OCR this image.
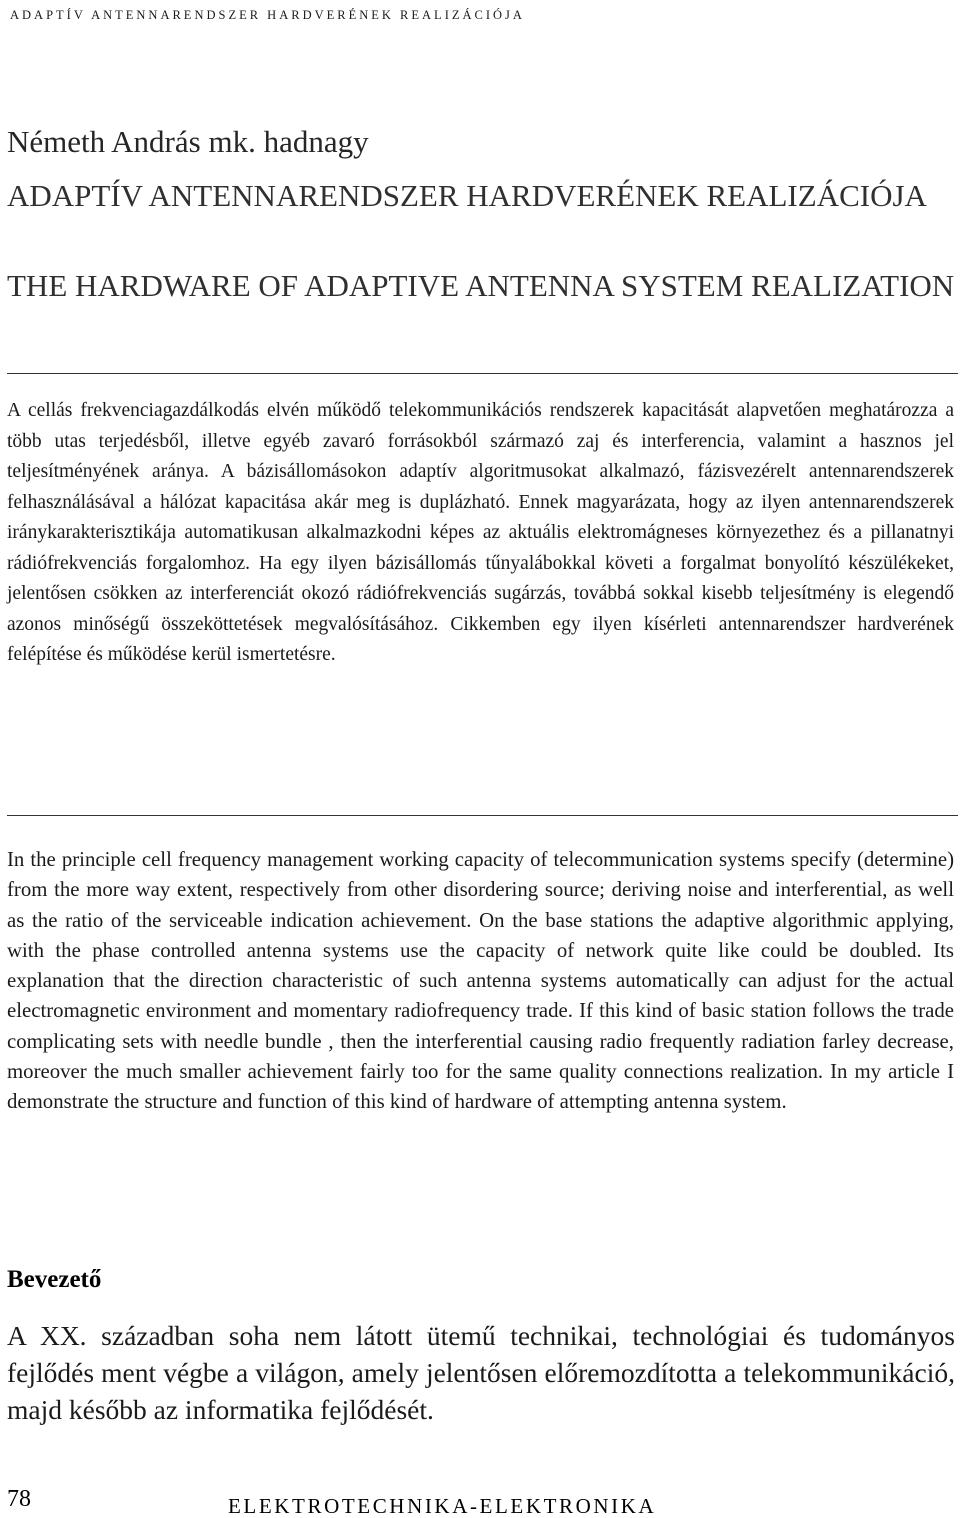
ADAPTÍV ANTENNARENDSZER HARDVERÉNEK REALIZÁCIÓJA
Németh András mk. hadnagy
ADAPTÍV ANTENNARENDSZER HARDVERÉNEK REALIZÁCIÓJA
THE HARDWARE OF ADAPTIVE ANTENNA SYSTEM REALIZATION

A cellás frekvenciagazdálkodás elvén működő telekommunikációs rendszerek kapacitását alapvetően meghatározza a több utas terjedésből, illetve egyéb zavaró forrásokból származó zaj és interferencia, valamint a hasznos jel teljesítményének aránya. A bázisállomásokon adaptív algoritmusokat alkalmazó, fázisvezérelt antennarendszerek felhasználásával a hálózat kapacitása akár meg is duplázható. Ennek magyarázata, hogy az ilyen antennarendszerek iránykarakterisztikája automatikusan alkalmazkodni képes az aktuális elektromágneses környezethez és a pillanatnyi rádiófrekvenciás forgalomhoz. Ha egy ilyen bázisállomás tűnyalábokkal követi a forgalmat bonyolító készülékeket, jelentősen csökken az interferenciát okozó rádiófrekvenciás sugárzás, továbbá sokkal kisebb teljesítmény is elegendő azonos minőségű összeköttetések megvalósításához. Cikkemben egy ilyen kísérleti antennarendszer hardverének felépítése és működése kerül ismertetésre.

In the principle cell frequency management working capacity of telecommunication systems specify (determine) from the more way extent, respectively from other disordering source; deriving noise and interferential, as well as the ratio of the serviceable indication achievement. On the base stations the adaptive algorithmic applying, with the phase controlled antenna systems use the capacity of network quite like could be doubled. Its explanation that the direction characteristic of such antenna systems automatically can adjust for the actual electromagnetic environment and momentary radiofrequency trade. If this kind of basic station follows the trade complicating sets with needle bundle , then the interferential causing radio frequently radiation farley decrease, moreover the much smaller achievement fairly too for the same quality connections realization. In my article I demonstrate the structure and function of this kind of hardware of attempting antenna system.

Bevezető

A XX. században soha nem látott ütemű technikai, technológiai és tudományos fejlődés ment végbe a világon, amely jelentősen előremozdította a telekommunikáció, majd később az informatika fejlődését.

78	ELEKTROTECHNIKA-ELEKTRONIKA
